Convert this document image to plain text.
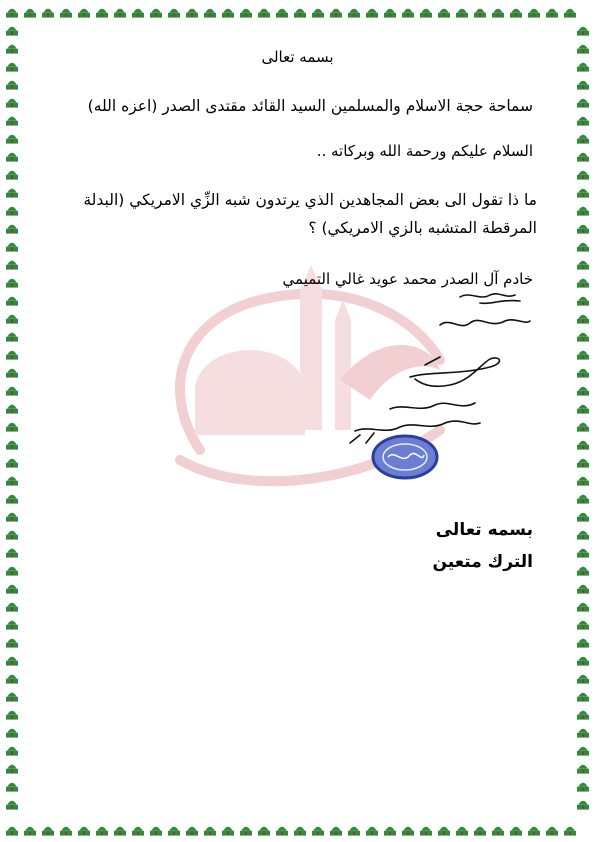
بسمه تعالى
سماحة حجة الاسلام والمسلمين السيد القائد مقتدى الصدر (اعزه الله)
السلام عليكم ورحمة الله وبركاته ..
ما ذا تقول الى بعض المجاهدين الذي يرتدون شبه الزِّي الامريكي (البدلة المرقطة المتشبه بالزي الامريكي) ؟
خادم آل الصدر محمد عويد غالي التميمي
بسمه تعالى
الترك متعين
